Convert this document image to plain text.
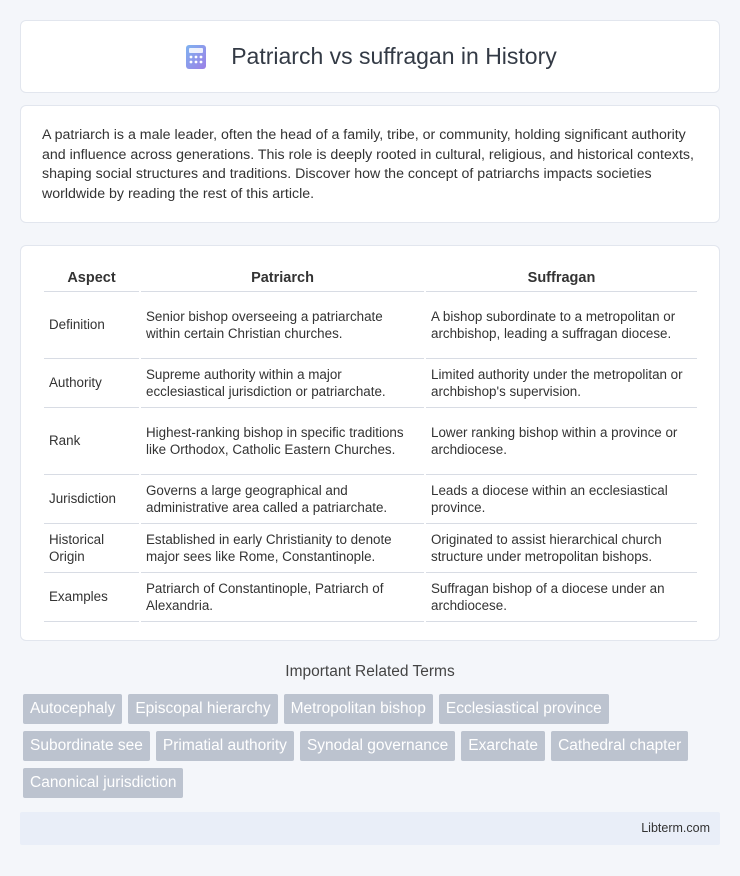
Patriarch vs suffragan in History

A patriarch is a male leader, often the head of a family, tribe, or community, holding significant authority and influence across generations. This role is deeply rooted in cultural, religious, and historical contexts, shaping social structures and traditions. Discover how the concept of patriarchs impacts societies worldwide by reading the rest of this article.

Aspect	Patriarch	Suffragan
Definition	Senior bishop overseeing a patriarchate within certain Christian churches.	A bishop subordinate to a metropolitan or archbishop, leading a suffragan diocese.
Authority	Supreme authority within a major ecclesiastical jurisdiction or patriarchate.	Limited authority under the metropolitan or archbishop's supervision.
Rank	Highest-ranking bishop in specific traditions like Orthodox, Catholic Eastern Churches.	Lower ranking bishop within a province or archdiocese.
Jurisdiction	Governs a large geographical and administrative area called a patriarchate.	Leads a diocese within an ecclesiastical province.
Historical Origin	Established in early Christianity to denote major sees like Rome, Constantinople.	Originated to assist hierarchical church structure under metropolitan bishops.
Examples	Patriarch of Constantinople, Patriarch of Alexandria.	Suffragan bishop of a diocese under an archdiocese.
Important Related Terms
Autocephaly	Episcopal hierarchy	Metropolitan bishop	Ecclesiastical province
Subordinate see	Primatial authority	Synodal governance	Exarchate	Cathedral chapter
Canonical jurisdiction
Libterm.com
